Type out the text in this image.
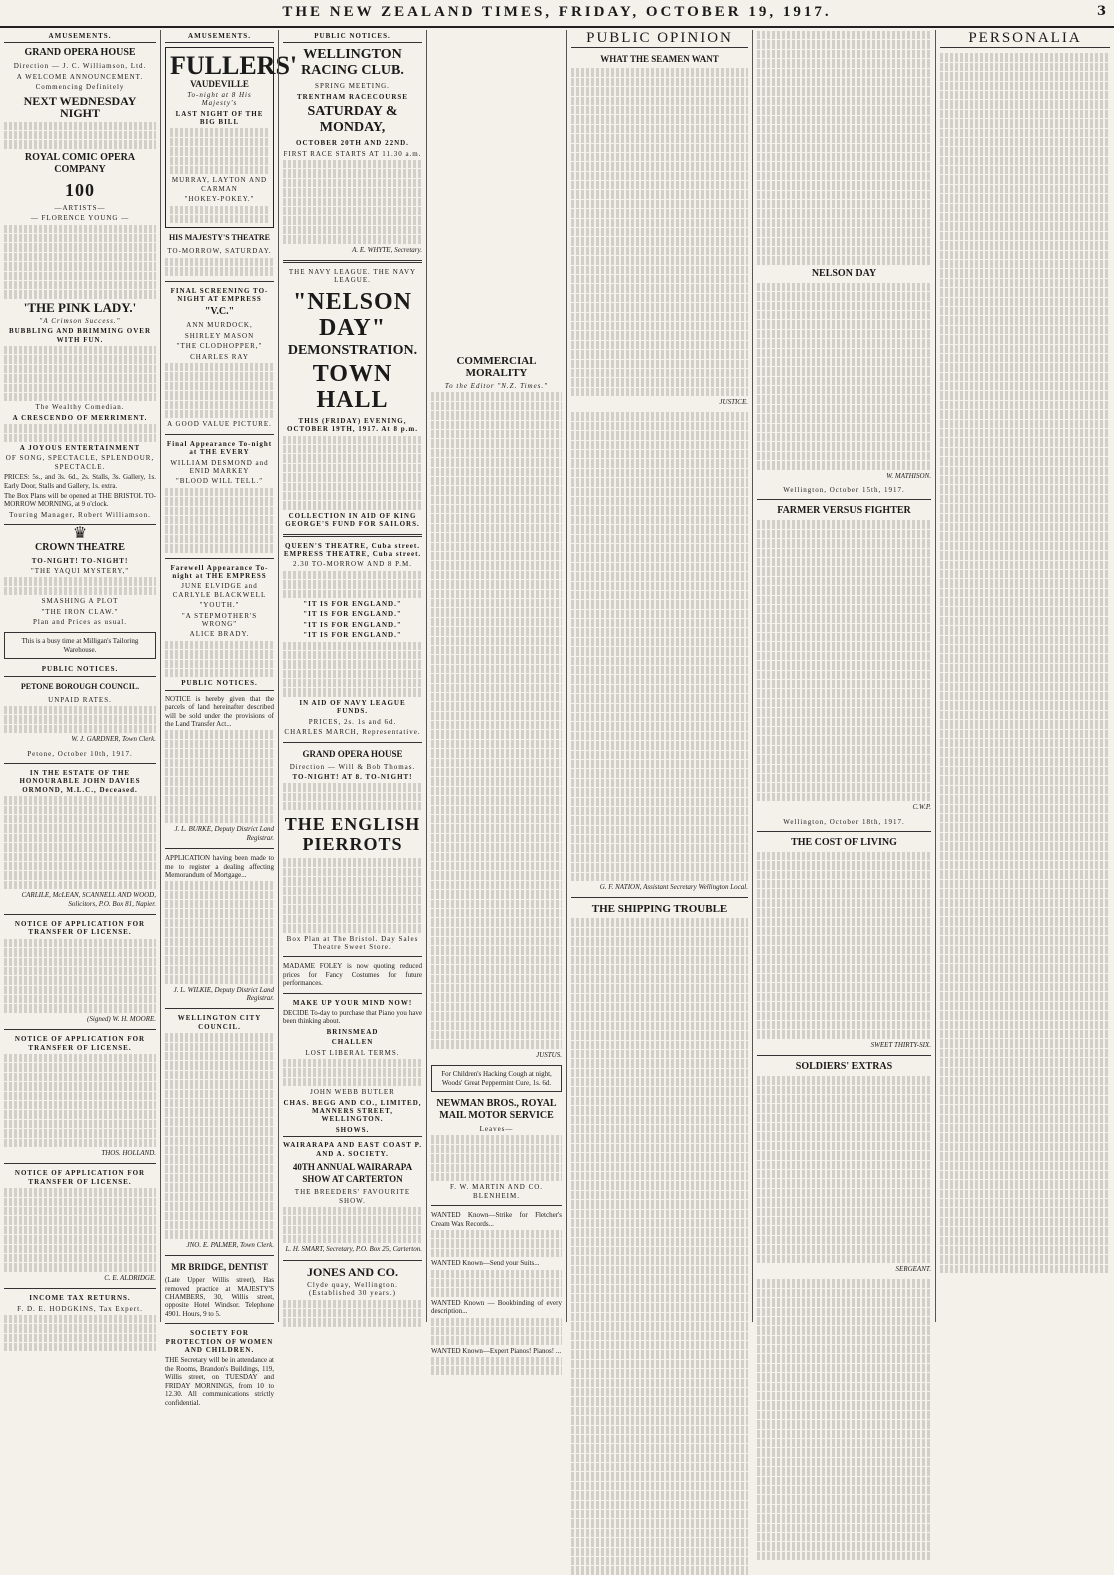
THE NEW ZEALAND TIMES, FRIDAY, OCTOBER 19, 1917.	3
AMUSEMENTS.
GRAND OPERA HOUSE
Direction — J. C. Williamson, Ltd.
A WELCOME ANNOUNCEMENT.
Commencing Definitely
NEXT WEDNESDAY NIGHT
ROYAL COMIC OPERA COMPANY
100
—ARTISTS—
— FLORENCE YOUNG —
'THE PINK LADY.'
"A Crimson Success."
BUBBLING AND BRIMMING OVER WITH FUN.
The Wealthy Comedian.
A CRESCENDO OF MERRIMENT.
A JOYOUS ENTERTAINMENT
OF SONG, SPECTACLE, SPLENDOUR, SPECTACLE.
PRICES: 5s., and 3s. 6d., 2s. Stalls, 3s. Gallery, 1s. Early Door, Stalls and Gallery, 1s. extra.
The Box Plans will be opened at THE BRISTOL TO-MORROW MORNING, at 9 o'clock.
Touring Manager, Robert Williamson.
♛
CROWN THEATRE
TO-NIGHT! TO-NIGHT!
"THE YAQUI MYSTERY,"
SMASHING A PLOT
"THE IRON CLAW."
Plan and Prices as usual.
This is a busy time at Milligan's Tailoring Warehouse.
PUBLIC NOTICES.
PETONE BOROUGH COUNCIL.
UNPAID RATES.
W. J. GARDNER, Town Clerk.
Petone, October 10th, 1917.
IN THE ESTATE OF THE HONOURABLE JOHN DAVIES ORMOND, M.L.C., Deceased.
CARLILE, McLEAN, SCANNELL AND WOOD, Solicitors, P.O. Box 81, Napier.
NOTICE OF APPLICATION FOR TRANSFER OF LICENSE.
(Signed) W. H. MOORE.
NOTICE OF APPLICATION FOR TRANSFER OF LICENSE.
THOS. HOLLAND.
NOTICE OF APPLICATION FOR TRANSFER OF LICENSE.
C. E. ALDRIDGE.
INCOME TAX RETURNS.
F. D. E. HODGKINS, Tax Expert.
AMUSEMENTS.
FULLERS'
VAUDEVILLE
To-night at 8 His Majesty's
LAST NIGHT OF THE BIG BILL
MURRAY, LAYTON AND CARMAN
"HOKEY-POKEY."
HIS MAJESTY'S THEATRE
TO-MORROW, SATURDAY.
FINAL SCREENING TO-NIGHT AT EMPRESS
"V.C."
ANN MURDOCK,
SHIRLEY MASON
"THE CLODHOPPER,"
CHARLES RAY
A GOOD VALUE PICTURE.
Final Appearance To-night at THE EVERY
WILLIAM DESMOND and ENID MARKEY
"BLOOD WILL TELL."
Farewell Appearance To-night at THE EMPRESS
JUNE ELVIDGE and CARLYLE BLACKWELL
"YOUTH."
"A STEPMOTHER'S WRONG"
ALICE BRADY.
PUBLIC NOTICES.
NOTICE is hereby given that the parcels of land hereinafter described will be sold under the provisions of the Land Transfer Act...
J. L. BURKE, Deputy District Land Registrar.
APPLICATION having been made to me to register a dealing affecting Memorandum of Mortgage...
J. L. WILKIE, Deputy District Land Registrar.
WELLINGTON CITY COUNCIL.
JNO. E. PALMER, Town Clerk.
MR BRIDGE, DENTIST
(Late Upper Willis street), Has removed practice at MAJESTY'S CHAMBERS, 30, Willis street, opposite Hotel Windsor. Telephone 4901. Hours, 9 to 5.
SOCIETY FOR PROTECTION OF WOMEN AND CHILDREN.
THE Secretary will be in attendance at the Rooms, Brandon's Buildings, 119, Willis street, on TUESDAY and FRIDAY MORNINGS, from 10 to 12.30. All communications strictly confidential.
PUBLIC NOTICES.
WELLINGTON RACING CLUB.
SPRING MEETING.
TRENTHAM RACECOURSE
SATURDAY & MONDAY,
OCTOBER 20TH AND 22ND.
FIRST RACE STARTS AT 11.30 a.m.
A. E. WHYTE, Secretary.
THE NAVY LEAGUE. THE NAVY LEAGUE.
"NELSON DAY"
DEMONSTRATION.
TOWN HALL
THIS (FRIDAY) EVENING, OCTOBER 19TH, 1917. At 8 p.m.
COLLECTION IN AID OF KING GEORGE'S FUND FOR SAILORS.
QUEEN'S THEATRE, Cuba street. EMPRESS THEATRE, Cuba street.
2.30 TO-MORROW AND 8 P.M.
"IT IS FOR ENGLAND."
"IT IS FOR ENGLAND."
"IT IS FOR ENGLAND."
"IT IS FOR ENGLAND."
IN AID OF NAVY LEAGUE FUNDS.
PRICES, 2s. 1s and 6d.
CHARLES MARCH, Representative.
GRAND OPERA HOUSE
Direction — Will & Bob Thomas.
TO-NIGHT! AT 8. TO-NIGHT!
THE ENGLISH PIERROTS
Box Plan at The Bristol. Day Sales Theatre Sweet Store.
MADAME FOLEY is now quoting reduced prices for Fancy Costumes for future performances.
MAKE UP YOUR MIND NOW!
DECIDE To-day to purchase that Piano you have been thinking about.
BRINSMEAD
CHALLEN
LOST LIBERAL TERMS.
JOHN WEBB BUTLER
CHAS. BEGG AND CO., LIMITED, MANNERS STREET, WELLINGTON.
SHOWS.
WAIRARAPA AND EAST COAST P. AND A. SOCIETY.
40TH ANNUAL WAIRARAPA SHOW AT CARTERTON
THE BREEDERS' FAVOURITE SHOW.
L. H. SMART, Secretary, P.O. Box 25, Carterton.
JONES AND CO.
Clyde quay, Wellington. (Established 30 years.)
COMMERCIAL MORALITY
To the Editor "N.Z. Times."
JUSTUS.
For Children's Hacking Cough at night, Woods' Great Peppermint Cure, 1s. 6d.
NEWMAN BROS., ROYAL MAIL MOTOR SERVICE
Leaves—
F. W. MARTIN AND CO. BLENHEIM.
WANTED Known—Strike for Fletcher's Cream Wax Records...
WANTED Known—Send your Suits...
WANTED Known — Bookbinding of every description...
WANTED Known—Expert Pianos! Pianos! ...
PUBLIC OPINION
WHAT THE SEAMEN WANT
JUSTICE.
G. F. NATION, Assistant Secretary Wellington Local.
THE SHIPPING TROUBLE
NELSON DAY
W. MATHISON.
Wellington, October 15th, 1917.
FARMER VERSUS FIGHTER
C.W.P.
Wellington, October 18th, 1917.
THE COST OF LIVING
SWEET THIRTY-SIX.
SOLDIERS' EXTRAS
SERGEANT.
PERSONALIA
